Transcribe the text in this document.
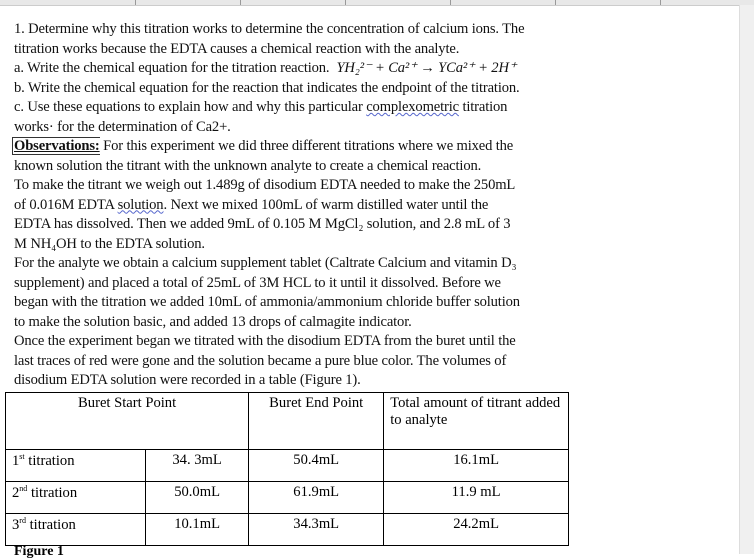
1. Determine why this titration works to determine the concentration of calcium ions. The

titration works because the EDTA causes a chemical reaction with the analyte.

a. Write the chemical equation for the titration reaction. YH₂²⁻ + Ca²⁺ → YCa²⁺ + 2H⁺

b. Write the chemical equation for the reaction that indicates the endpoint of the titration.

c. Use these equations to explain how and why this particular complexometric titration

works· for the determination of Ca2+.

Observations: For this experiment we did three different titrations where we mixed the

known solution the titrant with the unknown analyte to create a chemical reaction.

To make the titrant we weigh out 1.489g of disodium EDTA needed to make the 250mL

of 0.016M EDTA solution. Next we mixed 100mL of warm distilled water until the

EDTA has dissolved. Then we added 9mL of 0.105 M MgCl₂ solution, and 2.8 mL of 3

M NH₄OH to the EDTA solution.

For the analyte we obtain a calcium supplement tablet (Caltrate Calcium and vitamin D₃

supplement) and placed a total of 25mL of 3M HCL to it until it dissolved. Before we

began with the titration we added 10mL of ammonia/ammonium chloride buffer solution

to make the solution basic, and added 13 drops of calmagite indicator.

Once the experiment began we titrated with the disodium EDTA from the buret until the

last traces of red were gone and the solution became a pure blue color. The volumes of

disodium EDTA solution were recorded in a table (Figure 1).

Buret Start Point		Buret End Point	Total amount of titrant added to analyte
1st titration	34. 3mL	50.4mL	16.1mL
2nd titration	50.0mL	61.9mL	11.9 mL
3rd titration	10.1mL	34.3mL	24.2mL
Figure 1
